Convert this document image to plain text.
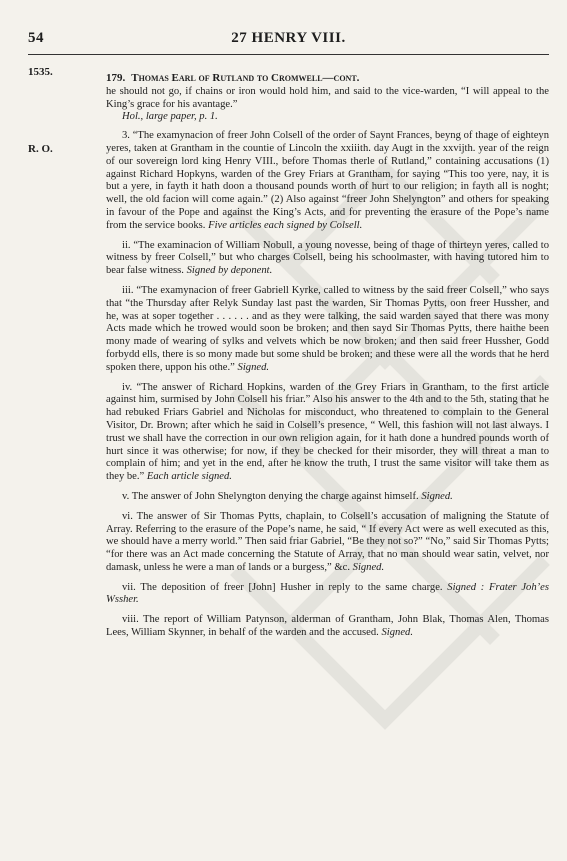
54	27 HENRY VIII.
1535.
R. O.

179. Thomas Earl of Rutland to Cromwell—cont.

he should not go, if chains or iron would hold him, and said to the vice-warden, “I will appeal to the King’s grace for his avantage.”

Hol., large paper, p. 1.

3. “The examynacion of freer John Colsell of the order of Saynt Frances, beyng of thage of eighteyn yeres, taken at Grantham in the countie of Lincoln the xxiiith. day Augt in the xxvijth. year of the reign of our sovereign lord king Henry VIII., before Thomas therle of Rutland,” containing accusations (1) against Richard Hopkyns, warden of the Grey Friars at Grantham, for saying “This too yere, nay, it is but a yere, in fayth it hath doon a thousand pounds worth of hurt to our religion; in fayth all is noght; well, the old facion will come again.” (2) Also against “freer John Shelyngton” and others for speaking in favour of the Pope and against the King’s Acts, and for preventing the erasure of the Pope’s name from the service books. Five articles each signed by Colsell.

ii. “The examinacion of William Nobull, a young novesse, being of thage of thirteyn yeres, called to witness by freer Colsell,” but who charges Colsell, being his schoolmaster, with having tutored him to bear false witness. Signed by deponent.

iii. “The examynacion of freer Gabriell Kyrke, called to witness by the said freer Colsell,” who says that “the Thursday after Relyk Sunday last past the warden, Sir Thomas Pytts, oon freer Hussher, and he, was at soper together . . . . . . and as they were talking, the said warden sayed that there was mony Acts made which he trowed would soon be broken; and then sayd Sir Thomas Pytts, there haithe been mony made of wearing of sylks and velvets which be now broken; and then said freer Hussher, Godd forbydd ells, there is so mony made but some shuld be broken; and these were all the words that he herd spoken there, uppon his othe.” Signed.

iv. “The answer of Richard Hopkins, warden of the Grey Friars in Grantham, to the first article against him, surmised by John Colsell his friar.” Also his answer to the 4th and to the 5th, stating that he had rebuked Friars Gabriel and Nicholas for misconduct, who threatened to complain to the General Visitor, Dr. Brown; after which he said in Colsell’s presence, “ Well, this fashion will not last always. I trust we shall have the correction in our own religion again, for it hath done a hundred pounds worth of hurt since it was otherwise; for now, if they be checked for their misorder, they will threat a man to complain of him; and yet in the end, after he know the truth, I trust the same visitor will take them as they be.” Each article signed.

v. The answer of John Shelyngton denying the charge against himself. Signed.

vi. The answer of Sir Thomas Pytts, chaplain, to Colsell’s accusation of maligning the Statute of Array. Referring to the erasure of the Pope’s name, he said, “ If every Act were as well executed as this, we should have a merry world.” Then said friar Gabriel, “Be they not so?” “No,” said Sir Thomas Pytts; “for there was an Act made concerning the Statute of Array, that no man should wear satin, velvet, nor damask, unless he were a man of lands or a burgess,” &c. Signed.

vii. The deposition of freer [John] Husher in reply to the same charge. Signed : Frater Joh’es Wssher.

viii. The report of William Patynson, alderman of Grantham, John Blak, Thomas Alen, Thomas Lees, William Skynner, in behalf of the warden and the accused. Signed.
